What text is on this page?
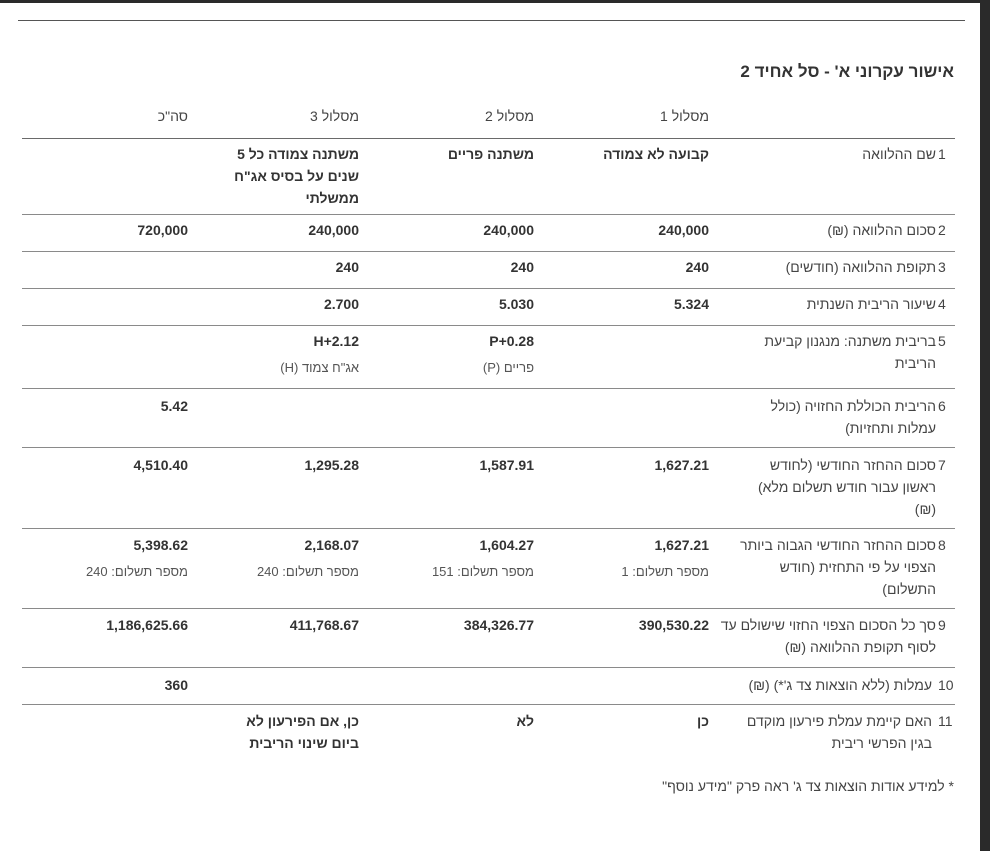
אישור עקרוני א' - סל אחיד 2
מסלול 1
מסלול 2
מסלול 3
סה"כ
1
שם ההלוואה
קבועה לא צמודה
משתנה פריים
משתנה צמודה כל 5 שנים על בסיס אג"ח ממשלתי
2
סכום ההלוואה (₪)
240,000
240,000
240,000
720,000
3
תקופת ההלוואה (חודשים)
240
240
240
4
שיעור הריבית השנתית
5.324
5.030
2.700
5
בריבית משתנה: מנגנון קביעת הריבית
P+0.28
פריים (P)
H+2.12
אג"ח צמוד (H)
6
הריבית הכוללת החזויה (כולל עמלות ותחזיות)
5.42
7
סכום ההחזר החודשי (לחודש ראשון עבור חודש תשלום מלא) (₪)
1,627.21
1,587.91
1,295.28
4,510.40
8
סכום ההחזר החודשי הגבוה ביותר הצפוי על פי התחזית (חודש התשלום)
1,627.21
מספר תשלום: 1
1,604.27
מספר תשלום: 151
2,168.07
מספר תשלום: 240
5,398.62
מספר תשלום: 240
9
סך כל הסכום הצפוי החזוי שישולם עד לסוף תקופת ההלוואה (₪)
390,530.22
384,326.77
411,768.67
1,186,625.66
10
עמלות (ללא הוצאות צד ג'*) (₪)
360
11
האם קיימת עמלת פירעון מוקדם בגין הפרשי ריבית
כן
לא
כן, אם הפירעון לא ביום שינוי הריבית
* למידע אודות הוצאות צד ג' ראה פרק "מידע נוסף"
